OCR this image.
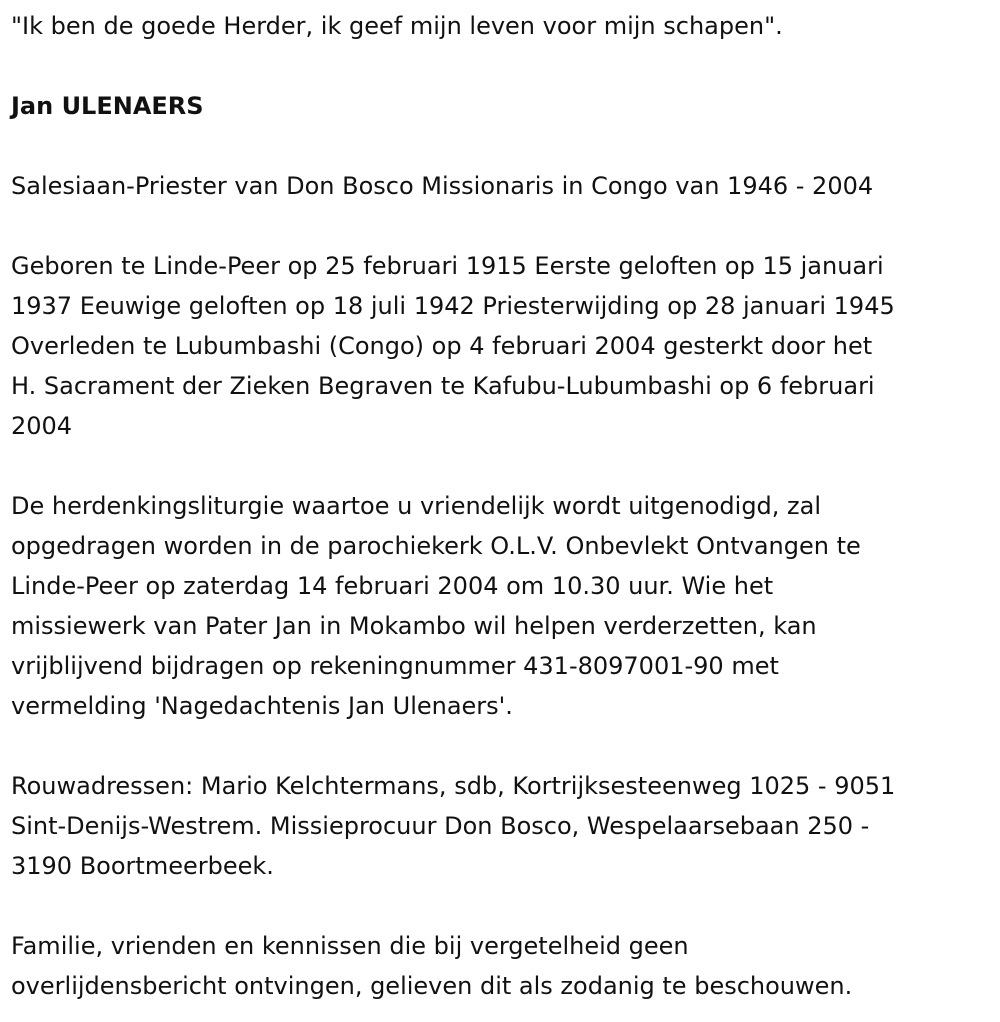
"Ik ben de goede Herder, ik geef mijn leven voor mijn schapen".

Jan ULENAERS

Salesiaan-Priester van Don Bosco Missionaris in Congo van 1946 - 2004

Geboren te Linde-Peer op 25 februari 1915 Eerste geloften op 15 januari
1937 Eeuwige geloften op 18 juli 1942 Priesterwijding op 28 januari 1945
Overleden te Lubumbashi (Congo) op 4 februari 2004 gesterkt door het
H. Sacrament der Zieken Begraven te Kafubu-Lubumbashi op 6 februari
2004

De herdenkingsliturgie waartoe u vriendelijk wordt uitgenodigd, zal
opgedragen worden in de parochiekerk O.L.V. Onbevlekt Ontvangen te
Linde-Peer op zaterdag 14 februari 2004 om 10.30 uur. Wie het
missiewerk van Pater Jan in Mokambo wil helpen verderzetten, kan
vrijblijvend bijdragen op rekeningnummer 431-8097001-90 met
vermelding 'Nagedachtenis Jan Ulenaers'.

Rouwadressen: Mario Kelchtermans, sdb, Kortrijksesteenweg 1025 - 9051
Sint-Denijs-Westrem. Missieprocuur Don Bosco, Wespelaarsebaan 250 -
3190 Boortmeerbeek.

Familie, vrienden en kennissen die bij vergetelheid geen
overlijdensbericht ontvingen, gelieven dit als zodanig te beschouwen.
